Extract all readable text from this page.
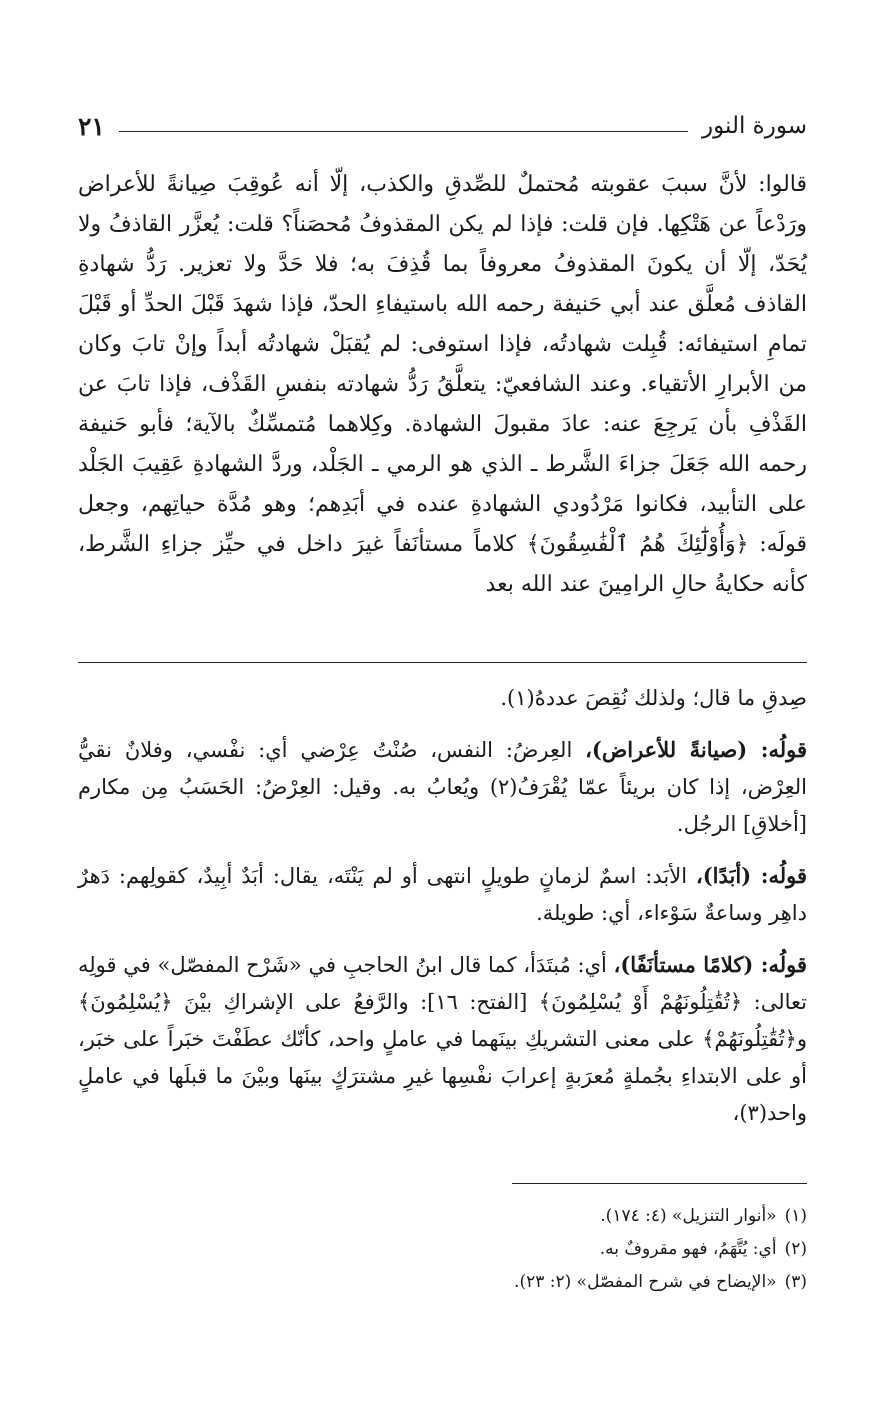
سورة النور
٢١

قالوا: لأنَّ سببَ عقوبته مُحتملٌ للصِّدقِ والكذب، إلّا أنه عُوقِبَ صِيانةً للأعراض ورَدْعاً عن هَتْكِها. فإن قلت: فإذا لم يكن المقذوفُ مُحصَناً؟ قلت: يُعزَّر القاذفُ ولا يُحَدّ، إلّا أن يكونَ المقذوفُ معروفاً بما قُذِفَ به؛ فلا حَدَّ ولا تعزير. رَدُّ شهادةِ القاذف مُعلَّق عند أبي حَنيفة رحمه الله باستيفاءِ الحدّ، فإذا شهدَ قَبْلَ الحدِّ أو قَبْلَ تمامِ استيفائه: قُبِلت شهادتُه، فإذا استوفى: لم يُقبَلْ شهادتُه أبداً وإنْ تابَ وكان من الأبرارِ الأتقياء. وعند الشافعيّ: يتعلَّقُ رَدُّ شهادته بنفسِ القَذْف، فإذا تابَ عن القَذْفِ بأن يَرجِعَ عنه: عادَ مقبولَ الشهادة. وكِلاهما مُتمسِّكٌ بالآية؛ فأبو حَنيفة رحمه الله جَعَلَ جزاءَ الشَّرط ـ الذي هو الرمي ـ الجَلْد، وردَّ الشهادةِ عَقِيبَ الجَلْد على التأبيد، فكانوا مَرْدُودي الشهادةِ عنده في أبَدِهم؛ وهو مُدَّة حياتِهم، وجعل قولَه: ﴿وَأُوْلَٰٓئِكَ هُمُ ٱلْفَٰسِقُونَ﴾ كلاماً مستأنَفاً غيرَ داخل في حيِّز جزاءِ الشَّرط، كأنه حكايةُ حالِ الرامِينَ عند الله بعد

صِدقِ ما قال؛ ولذلك نُقِصَ عددهُ(١).

قولُه: (صيانةً للأعراض)، العِرضُ: النفس، صُنْتُ عِرْضي أي: نفْسي، وفلانٌ نقيُّ العِرْض، إذا كان بريئاً عمّا يُقْرَفُ(٢) ويُعابُ به. وقيل: العِرْضُ: الحَسَبُ مِن مكارم [أخلاقِ] الرجُل.

قولُه: (أبَدًا)، الأبَد: اسمٌ لزمانٍ طويلٍ انتهى أو لم يَنْتَه، يقال: أبَدٌ أبِيدٌ، كقولِهم: دَهرٌ داهِر وساعةٌ سَوْءاء، أي: طويلة.

قولُه: (كلامًا مستأنَفًا)، أي: مُبتَدَأ، كما قال ابنُ الحاجبِ في «شَرْح المفصّل» في قولِه تعالى: ﴿تُقَٰتِلُونَهُمْ أَوْ يُسْلِمُونَ﴾ [الفتح: ١٦]: والرَّفعُ على الإشراكِ بيْنَ ﴿يُسْلِمُونَ﴾ و﴿تُقَٰتِلُونَهُمْ﴾ على معنى التشريكِ بينَهما في عاملٍ واحد، كأنّك عطَفْتَ خبَراً على خبَر، أو على الابتداءِ بجُملةٍ مُعرَبةٍ إعرابَ نفْسِها غيرِ مشترَكٍ بينَها وبيْنَ ما قبلَها في عاملٍ واحد(٣)،

(١)
«أنوار التنزيل» (٤: ١٧٤).
(٢)
أي: يُتَّهَمُ، فهو مقروفٌ به.
(٣)
«الإيضاح في شرح المفصّل» (٢: ٢٣).
